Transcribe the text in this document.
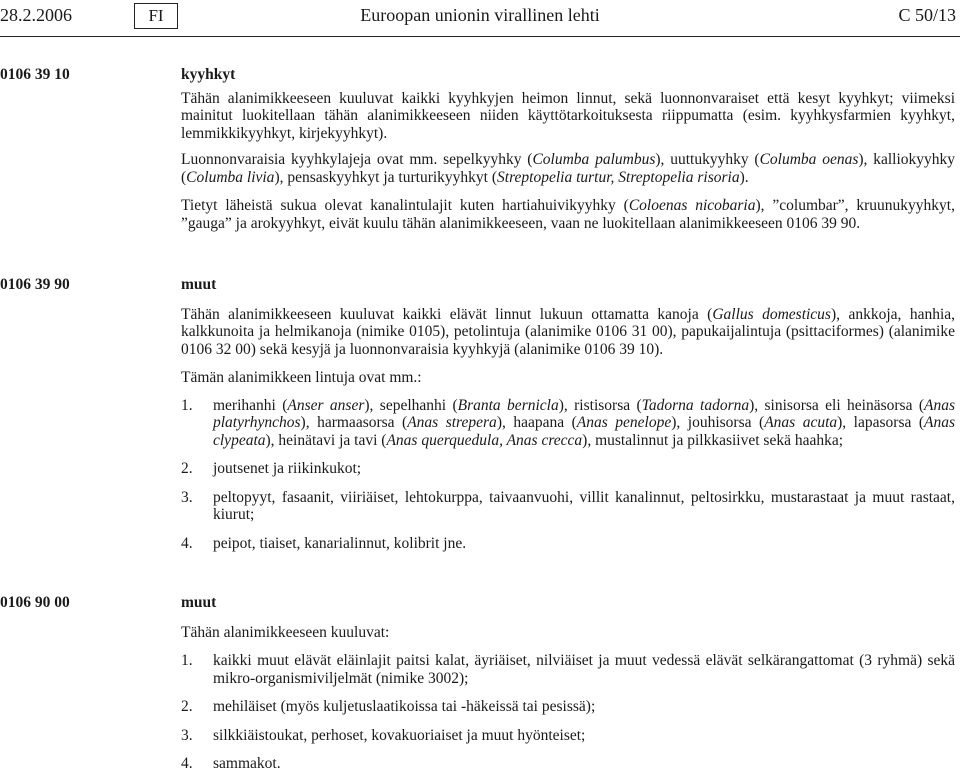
28.2.2006	FI	Euroopan unionin virallinen lehti	C 50/13
0106 39 10	kyyhkyt

Tähän alanimikkeeseen kuuluvat kaikki kyyhkyjen heimon linnut, sekä luonnonvaraiset että kesyt kyyhkyt; viimeksi mainitut luokitellaan tähän alanimikkeeseen niiden käyttötarkoituksesta riippumatta (esim. kyyhkysfarmien kyyhkyt, lemmikkikyyhkyt, kirjekyyhkyt).

Luonnonvaraisia kyyhkylajeja ovat mm. sepelkyyhky (Columba palumbus), uuttukyyhky (Columba oenas), kalliokyyhky (Columba livia), pensaskyyhkyt ja turturikyyhkyt (Streptopelia turtur, Streptopelia risoria).

Tietyt läheistä sukua olevat kanalintulajit kuten hartiahuivikyyhky (Coloenas nicobaria), ”columbar”, kruunukyyhkyt, ”gauga” ja arokyyhkyt, eivät kuulu tähän alanimikkeeseen, vaan ne luokitellaan alanimikkeeseen 0106 39 90.

0106 39 90	muut

Tähän alanimikkeeseen kuuluvat kaikki elävät linnut lukuun ottamatta kanoja (Gallus domesticus), ankkoja, hanhia, kalkkunoita ja helmikanoja (nimike 0105), petolintuja (alanimike 0106 31 00), papukaijalintuja (psittaciformes) (alanimike 0106 32 00) sekä kesyjä ja luonnonvaraisia kyyhkyjä (alanimike 0106 39 10).

Tämän alanimikkeen lintuja ovat mm.:

1. merihanhi (Anser anser), sepelhanhi (Branta bernicla), ristisorsa (Tadorna tadorna), sinisorsa eli heinäsorsa (Anas platyrhynchos), harmaasorsa (Anas strepera), haapana (Anas penelope), jouhisorsa (Anas acuta), lapasorsa (Anas clypeata), heinätavi ja tavi (Anas querquedula, Anas crecca), mustalinnut ja pilkkasiivet sekä haahka;
2. joutsenet ja riikinkukot;
3. peltopyyt, fasaanit, viiriäiset, lehtokurppa, taivaanvuohi, villit kanalinnut, peltosirkku, mustarastaat ja muut rastaat, kiurut;
4. peipot, tiaiset, kanarialinnut, kolibrit jne.
0106 90 00	muut

Tähän alanimikkeeseen kuuluvat:

1. kaikki muut elävät eläinlajit paitsi kalat, äyriäiset, nilviäiset ja muut vedessä elävät selkärangattomat (3 ryhmä) sekä mikro-organismiviljelmät (nimike 3002);
2. mehiläiset (myös kuljetuslaatikoissa tai -häkeissä tai pesissä);
3. silkkiäistoukat, perhoset, kovakuoriaiset ja muut hyönteiset;
4. sammakot.
